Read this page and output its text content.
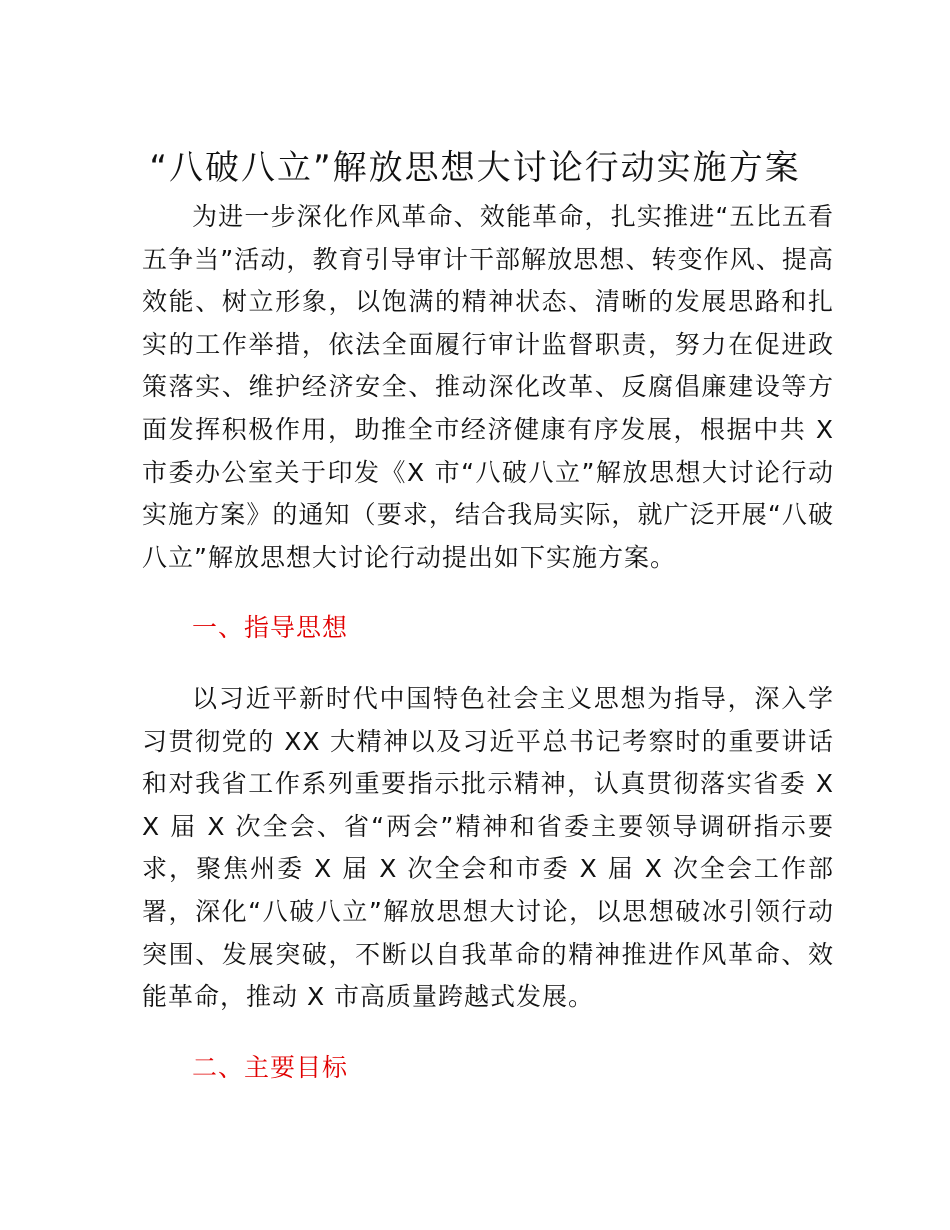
“八破八立”解放思想大讨论行动实施方案

为进一步深化作风革命、效能革命，扎实推进“五比五看五争当”活动，教育引导审计干部解放思想、转变作风、提高效能、树立形象，以饱满的精神状态、清晰的发展思路和扎实的工作举措，依法全面履行审计监督职责，努力在促进政策落实、维护经济安全、推动深化改革、反腐倡廉建设等方面发挥积极作用，助推全市经济健康有序发展，根据中共 X 市委办公室关于印发《X 市“八破八立”解放思想大讨论行动实施方案》的通知（要求，结合我局实际，就广泛开展“八破八立”解放思想大讨论行动提出如下实施方案。

一、指导思想

以习近平新时代中国特色社会主义思想为指导，深入学习贯彻党的 XX 大精神以及习近平总书记考察时的重要讲话和对我省工作系列重要指示批示精神，认真贯彻落实省委 XX 届 X 次全会、省“两会”精神和省委主要领导调研指示要求，聚焦州委 X 届 X 次全会和市委 X 届 X 次全会工作部署，深化“八破八立”解放思想大讨论，以思想破冰引领行动突围、发展突破，不断以自我革命的精神推进作风革命、效能革命，推动 X 市高质量跨越式发展。

二、主要目标
